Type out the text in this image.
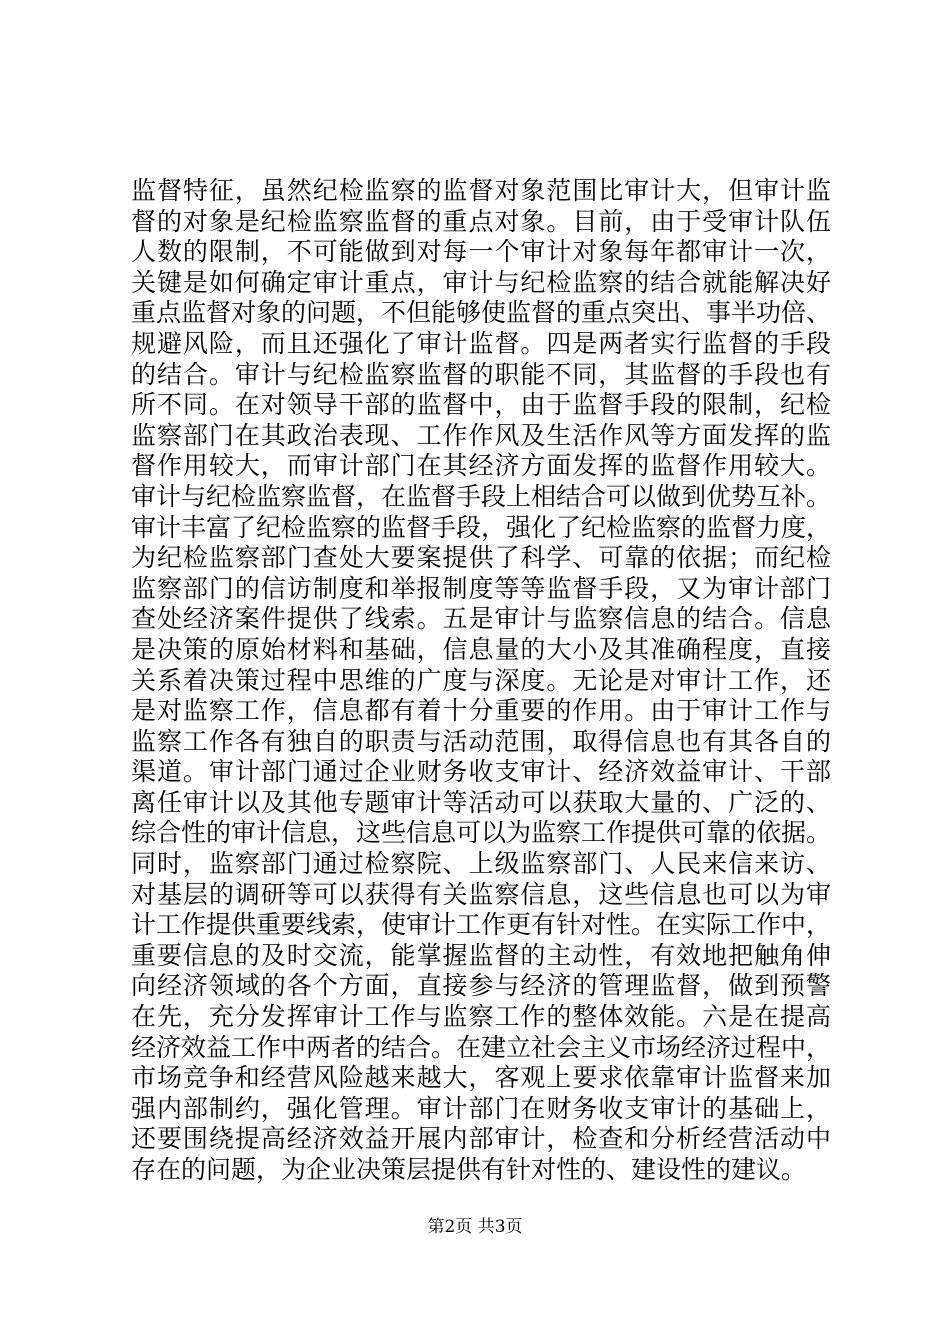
监督特征，虽然纪检监察的监督对象范围比审计大，但审计监
督的对象是纪检监察监督的重点对象。目前，由于受审计队伍
人数的限制，不可能做到对每一个审计对象每年都审计一次，
关键是如何确定审计重点，审计与纪检监察的结合就能解决好
重点监督对象的问题，不但能够使监督的重点突出、事半功倍、
规避风险，而且还强化了审计监督。四是两者实行监督的手段
的结合。审计与纪检监察监督的职能不同，其监督的手段也有
所不同。在对领导干部的监督中，由于监督手段的限制，纪检
监察部门在其政治表现、工作作风及生活作风等方面发挥的监
督作用较大，而审计部门在其经济方面发挥的监督作用较大。
审计与纪检监察监督，在监督手段上相结合可以做到优势互补。
审计丰富了纪检监察的监督手段，强化了纪检监察的监督力度，
为纪检监察部门查处大要案提供了科学、可靠的依据；而纪检
监察部门的信访制度和举报制度等等监督手段，又为审计部门
查处经济案件提供了线索。五是审计与监察信息的结合。信息
是决策的原始材料和基础，信息量的大小及其准确程度，直接
关系着决策过程中思维的广度与深度。无论是对审计工作，还
是对监察工作，信息都有着十分重要的作用。由于审计工作与
监察工作各有独自的职责与活动范围，取得信息也有其各自的
渠道。审计部门通过企业财务收支审计、经济效益审计、干部
离任审计以及其他专题审计等活动可以获取大量的、广泛的、
综合性的审计信息，这些信息可以为监察工作提供可靠的依据。
同时，监察部门通过检察院、上级监察部门、人民来信来访、
对基层的调研等可以获得有关监察信息，这些信息也可以为审
计工作提供重要线索，使审计工作更有针对性。在实际工作中，
重要信息的及时交流，能掌握监督的主动性，有效地把触角伸
向经济领域的各个方面，直接参与经济的管理监督，做到预警
在先，充分发挥审计工作与监察工作的整体效能。六是在提高
经济效益工作中两者的结合。在建立社会主义市场经济过程中，
市场竞争和经营风险越来越大，客观上要求依靠审计监督来加
强内部制约，强化管理。审计部门在财务收支审计的基础上，
还要围绕提高经济效益开展内部审计，检查和分析经营活动中
存在的问题，为企业决策层提供有针对性的、建设性的建议。
第2页 共3页
